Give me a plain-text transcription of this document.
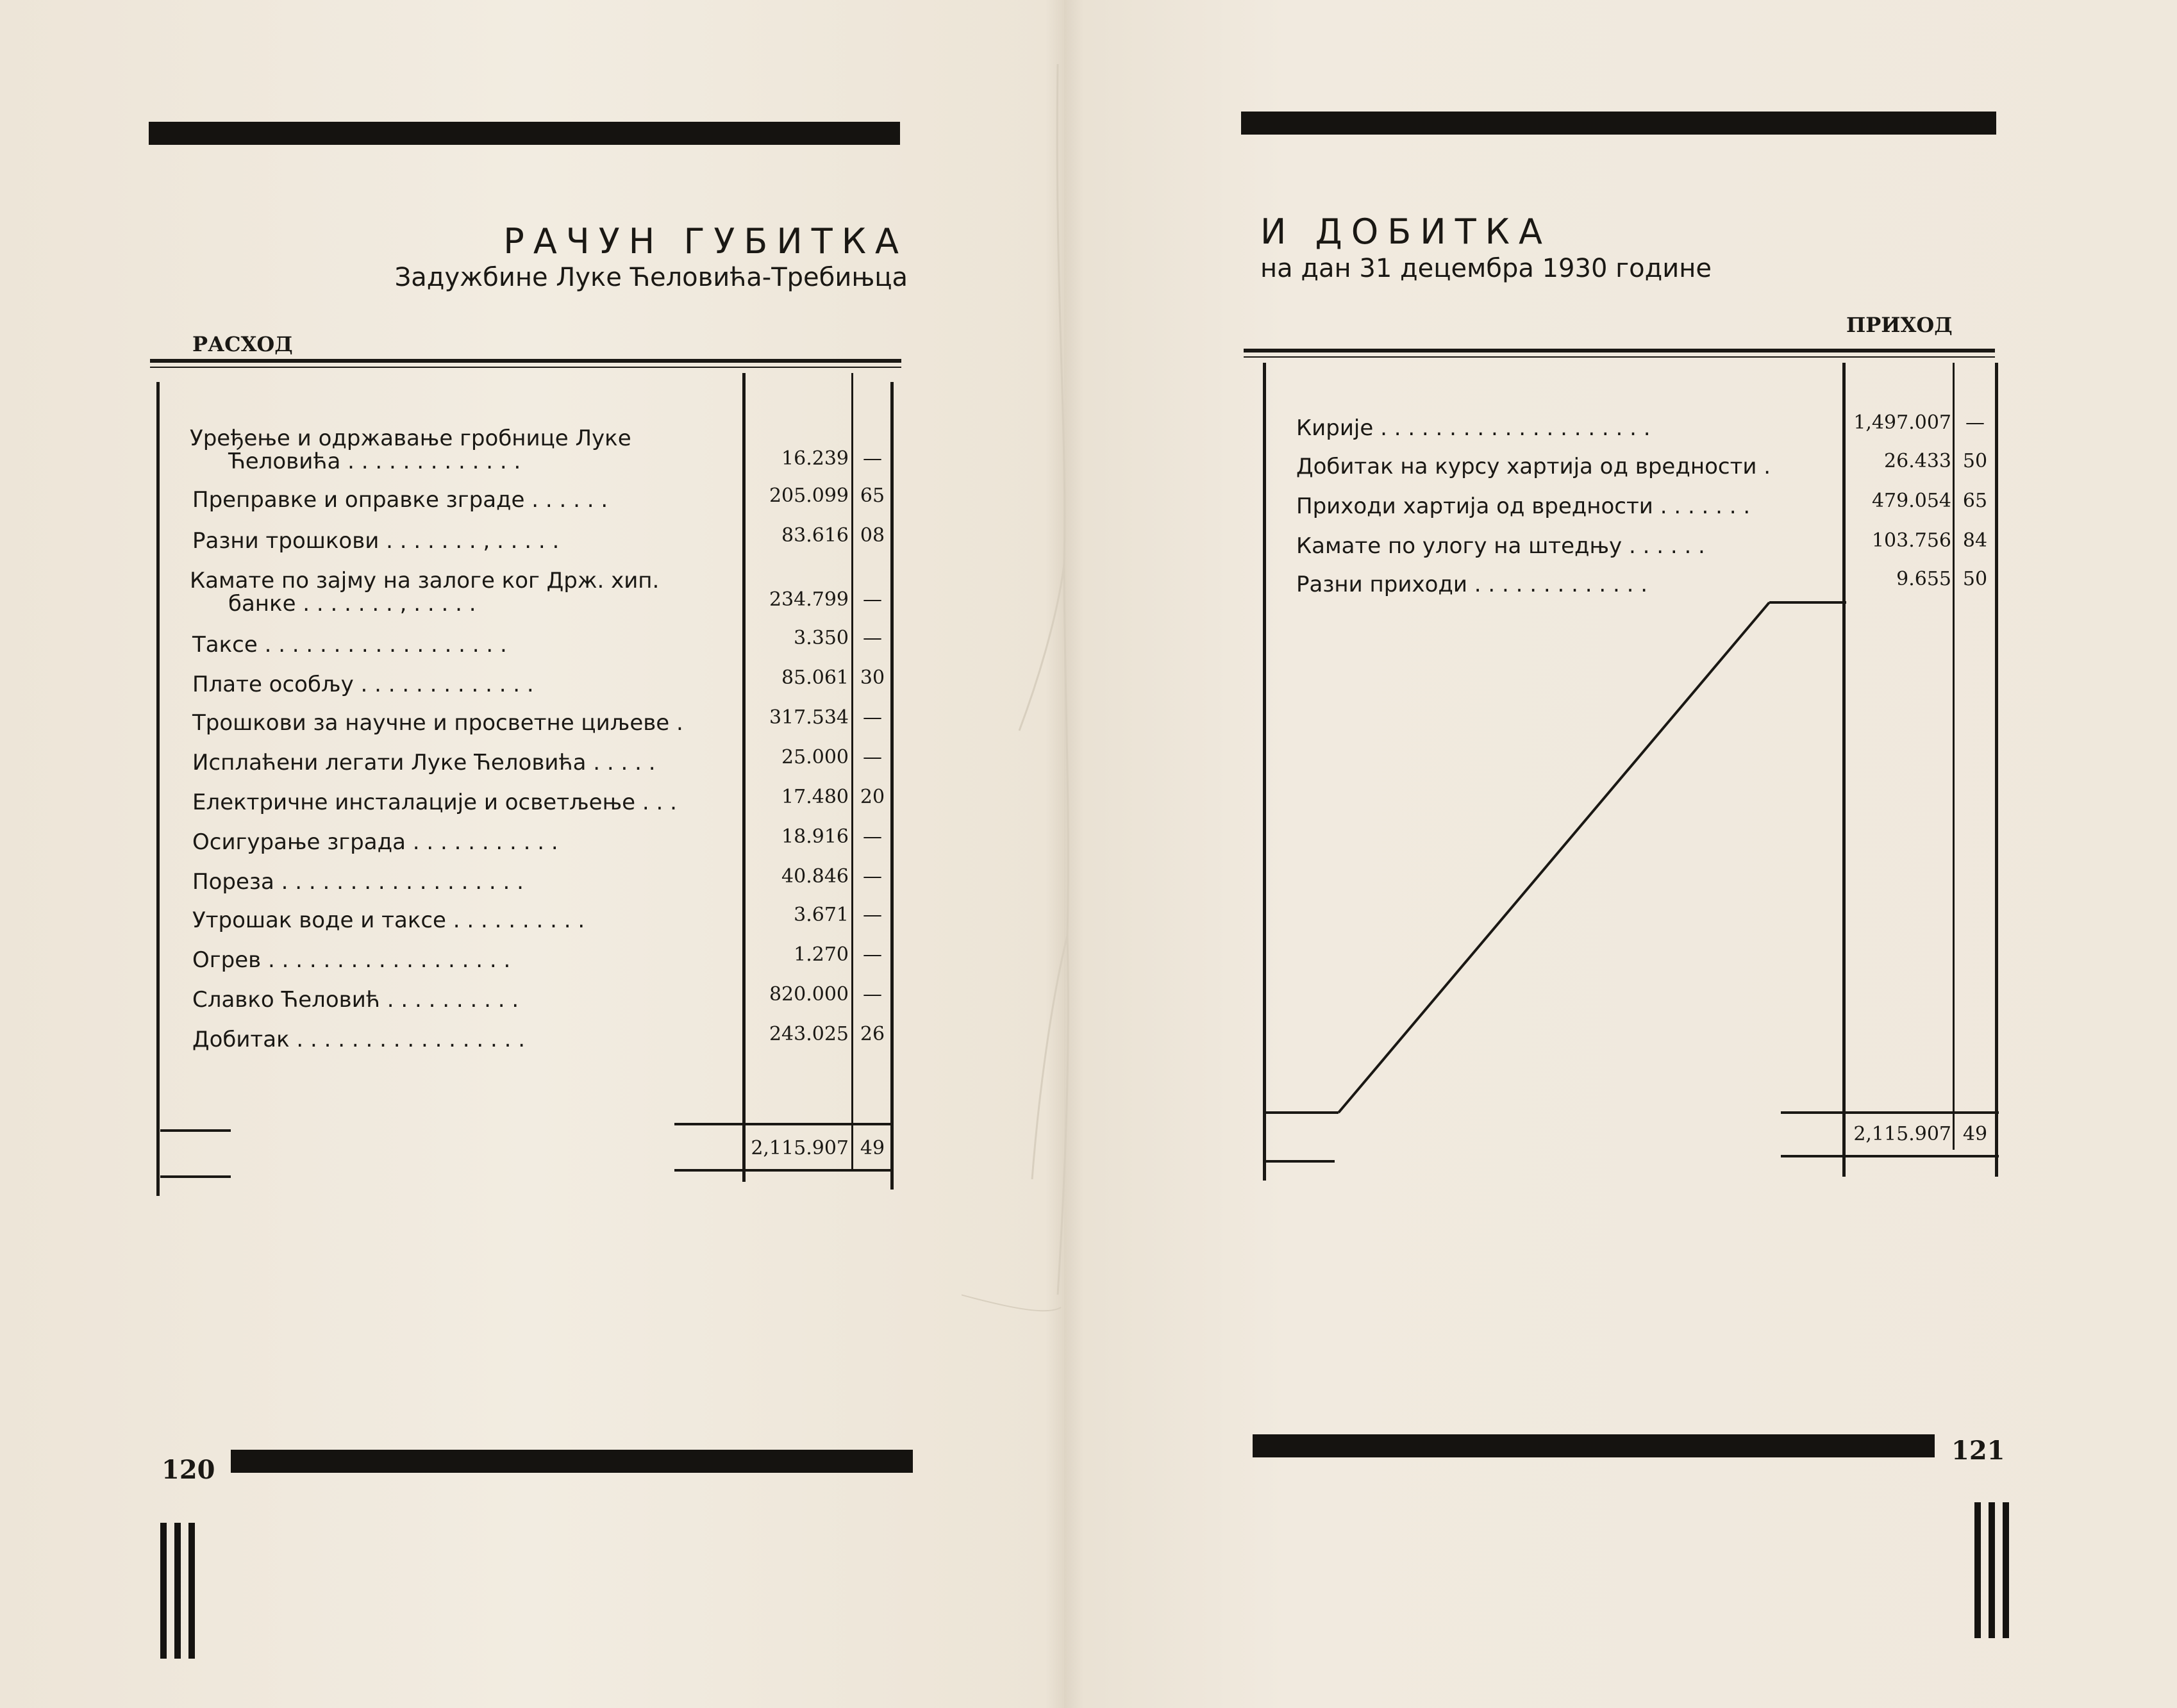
РАЧУН ГУБИТКА
Задужбине Луке Ћеловића-Требињца
РАСХОД
Уређење и одржавање гробнице Луке
Ћеловића . . . . . . . . . . . . .	16.239 —
Преправке и оправке зграде . . . . . .	205.099 65
Разни трошкови . . . . . . . , . . . . .	83.616 08
Камате по зајму на залоге ког Држ. хип.
банке . . . . . . . , . . . . .	234.799 —
Таксе . . . . . . . . . . . . . . . . . .	3.350 —
Плате особљу . . . . . . . . . . . . .	85.061 30
Трошкови за научне и просветне циљеве .	317.534 —
Исплаћени легати Луке Ћеловића . . . . .	25.000 —
Електричне инсталације и осветљење . . .	17.480 20
Осигурање зграда . . . . . . . . . . .	18.916 —
Пореза . . . . . . . . . . . . . . . . . .	40.846 —
Утрошак воде и таксе . . . . . . . . . .	3.671 —
Огрев . . . . . . . . . . . . . . . . . .	1.270 —
Славко Ћеловић . . . . . . . . . .	820.000 —
Добитак . . . . . . . . . . . . . . . . .	243.025 26
2,115.907 49
120
И ДОБИТКА
на дан 31 децембра 1930 године
ПРИХОД
Кирије . . . . . . . . . . . . . . . . . . . .	1,497.007 —
Добитак на курсу хартија од вредности .	26.433 50
Приходи хартија од вредности . . . . . . .	479.054 65
Камате по улогу на штедњу . . . . . .	103.756 84
Разни приходи . . . . . . . . . . . . .	9.655 50
2,115.907 49
121
